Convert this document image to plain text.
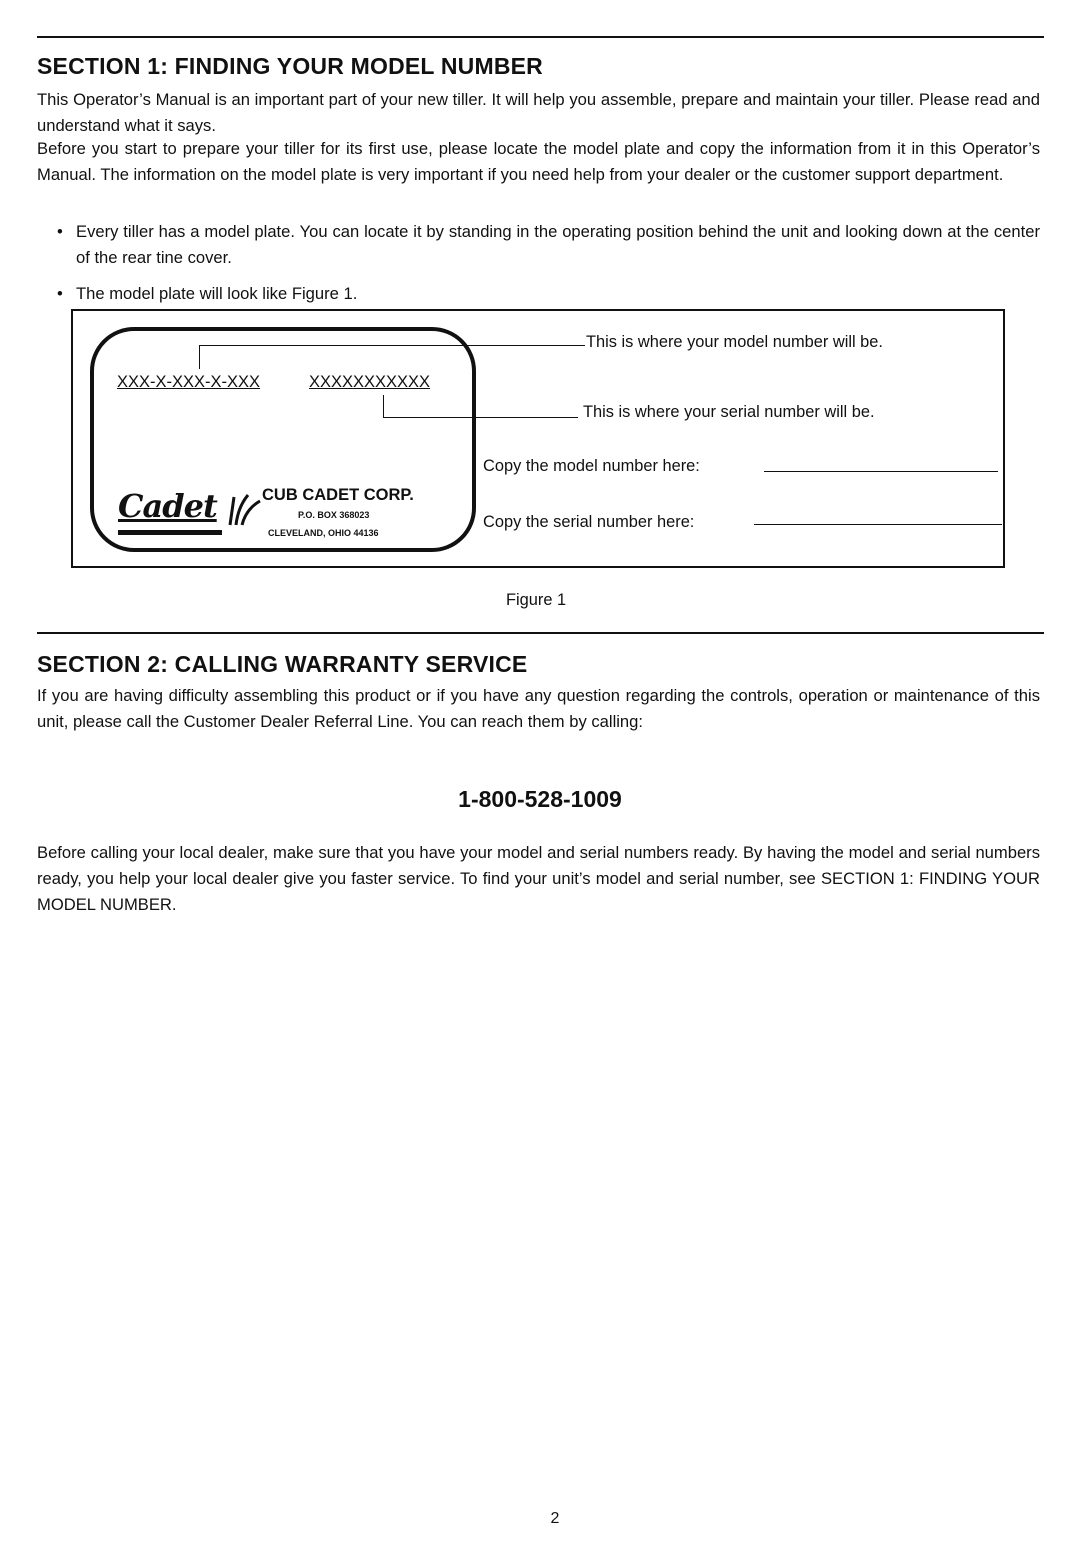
SECTION 1: FINDING YOUR MODEL NUMBER

This Operator’s Manual is an important part of your new tiller. It will help you assemble, prepare and maintain your tiller. Please read and understand what it says.

Before you start to prepare your tiller for its first use, please locate the model plate and copy the information from it in this Operator’s Manual. The information on the model plate is very important if you need help from your dealer or the customer support department.

• Every tiller has a model plate. You can locate it by standing in the operating position behind the unit and looking down at the center of the rear tine cover.

• The model plate will look like Figure 1.

XXX-X-XXX-X-XXX	XXXXXXXXXXX
Cadet	CUB CADET CORP.
P.O. BOX 368023
CLEVELAND, OHIO 44136
This is where your model number will be.
This is where your serial number will be.
Copy the model number here:
Copy the serial number here:
Figure 1
SECTION 2: CALLING WARRANTY SERVICE

If you are having difficulty assembling this product or if you have any question regarding the controls, operation or maintenance of this unit, please call the Customer Dealer Referral Line. You can reach them by calling:

1-800-528-1009

Before calling your local dealer, make sure that you have your model and serial numbers ready. By having the model and serial numbers ready, you help your local dealer give you faster service. To find your unit’s model and serial number, see SECTION 1: FINDING YOUR MODEL NUMBER.

2
